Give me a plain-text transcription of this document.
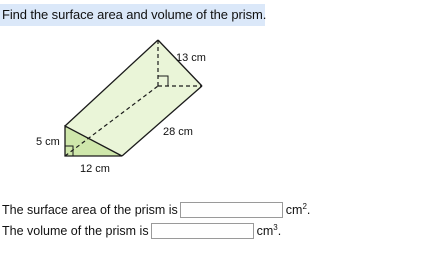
Find the surface area and volume of the prism.
13 cm
28 cm
5 cm
12 cm
The surface area of the prism is	$cm^2$.
The volume of the prism is	$cm^3$.
